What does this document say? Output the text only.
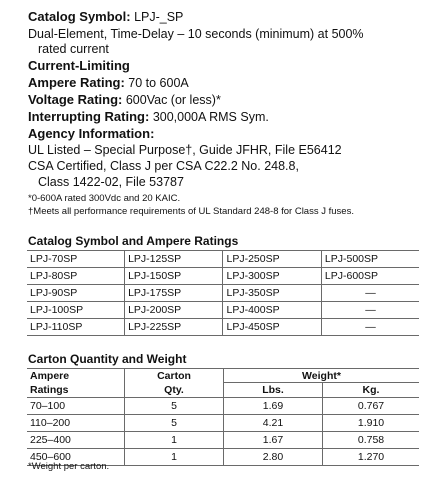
Catalog Symbol: LPJ-_SP
Dual-Element, Time-Delay – 10 seconds (minimum) at 500%
rated current
Current-Limiting
Ampere Rating: 70 to 600A
Voltage Rating: 600Vac (or less)*
Interrupting Rating: 300,000A RMS Sym.
Agency Information:
UL Listed – Special Purpose†, Guide JFHR, File E56412
CSA Certified, Class J per CSA C22.2 No. 248.8,
Class 1422-02, File 53787
*0-600A rated 300Vdc and 20 KAIC.
†Meets all performance requirements of UL Standard 248-8 for Class J fuses.
Catalog Symbol and Ampere Ratings
LPJ-70SP	LPJ-125SP	LPJ-250SP	LPJ-500SP
LPJ-80SP	LPJ-150SP	LPJ-300SP	LPJ-600SP
LPJ-90SP	LPJ-175SP	LPJ-350SP	—
LPJ-100SP	LPJ-200SP	LPJ-400SP	—
LPJ-110SP	LPJ-225SP	LPJ-450SP	—
Carton Quantity and Weight
Ampere	Carton	Weight*	

Ratings	Qty.	Lbs.	Kg.
70–100	5	1.69	0.767
110–200	5	4.21	1.910
225–400	1	1.67	0.758
450–600	1	2.80	1.270
*Weight per carton.
